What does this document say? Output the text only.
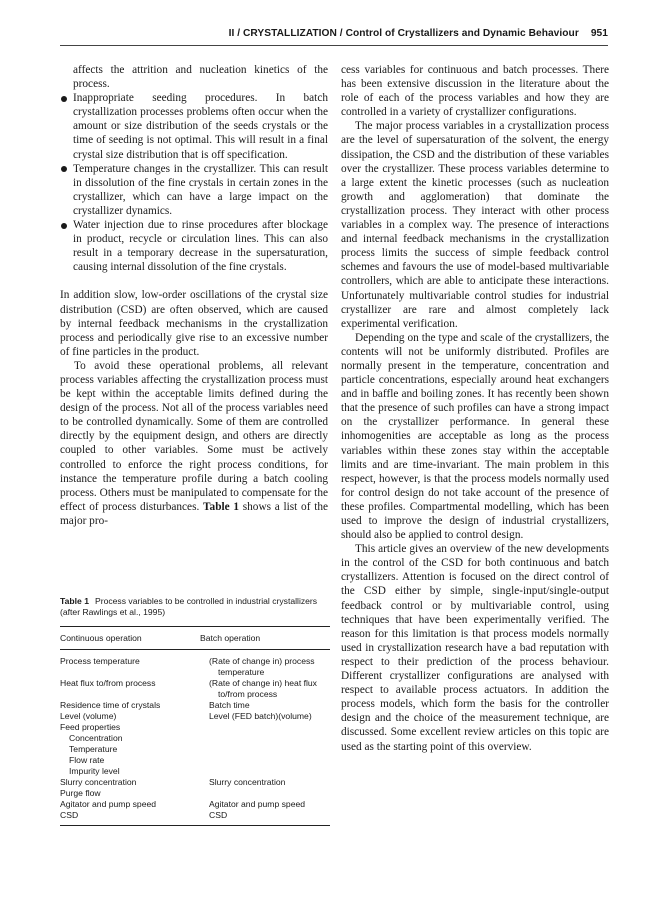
II / CRYSTALLIZATION / Control of Crystallizers and Dynamic Behaviour 951

affects the attrition and nucleation kinetics of the process.

Inappropriate seeding procedures. In batch crystallization processes problems often occur when the amount or size distribution of the seeds crystals or the time of seeding is not optimal. This will result in a final crystal size distribution that is off specification.
Temperature changes in the crystallizer. This can result in dissolution of the fine crystals in certain zones in the crystallizer, which can have a large impact on the crystallizer dynamics.
Water injection due to rinse procedures after blockage in product, recycle or circulation lines. This can also result in a temporary decrease in the supersaturation, causing internal dissolution of the fine crystals.

In addition slow, low-order oscillations of the crystal size distribution (CSD) are often observed, which are caused by internal feedback mechanisms in the crystallization process and periodically give rise to an excessive number of fine particles in the product.

To avoid these operational problems, all relevant process variables affecting the crystallization process must be kept within the acceptable limits defined during the design of the process. Not all of the process variables need to be controlled dynamically. Some of them are controlled directly by the equipment design, and others are directly coupled to other variables. Some must be actively controlled to enforce the right process conditions, for instance the temperature profile during a batch cooling process. Others must be manipulated to compensate for the effect of process disturbances. Table 1 shows a list of the major pro-

Table 1 Process variables to be controlled in industrial crystallizers (after Rawlings et al., 1995)
Continuous operation	Batch operation
Process temperature	(Rate of change in) process temperature

Heat flux to/from process	(Rate of change in) heat flux to/from process

Residence time of crystals	Batch time
Level (volume)	Level (FED batch)(volume)
Feed properties	
Concentration	
Temperature	
Flow rate	
Impurity level	
Slurry concentration	Slurry concentration
Purge flow	
Agitator and pump speed	Agitator and pump speed
CSD	CSD

cess variables for continuous and batch processes. There has been extensive discussion in the literature about the role of each of the process variables and how they are controlled in a variety of crystallizer configurations.

The major process variables in a crystallization process are the level of supersaturation of the solvent, the energy dissipation, the CSD and the distribution of these variables over the crystallizer. These process variables determine to a large extent the kinetic processes (such as nucleation growth and agglomeration) that dominate the crystallization process. They interact with other process variables in a complex way. The presence of interactions and internal feedback mechanisms in the crystallization process limits the success of simple feedback control schemes and favours the use of model-based multivariable controllers, which are able to anticipate these interactions. Unfortunately multivariable control studies for industrial crystallizer are rare and almost completely lack experimental verification.

Depending on the type and scale of the crystallizers, the contents will not be uniformly distributed. Profiles are normally present in the temperature, concentration and particle concentrations, especially around heat exchangers and in baffle and boiling zones. It has recently been shown that the presence of such profiles can have a strong impact on the crystallizer performance. In general these inhomogenities are acceptable as long as the process variables within these zones stay within the acceptable limits and are time-invariant. The main problem in this respect, however, is that the process models normally used for control design do not take account of the presence of these profiles. Compartmental modelling, which has been used to improve the design of industrial crystallizers, should also be applied to control design.

This article gives an overview of the new developments in the control of the CSD for both continuous and batch crystallizers. Attention is focused on the direct control of the CSD either by simple, single-input/single-output feedback control or by multivariable control, using techniques that have been experimentally verified. The reason for this limitation is that process models normally used in crystallization research have a bad reputation with respect to their prediction of the process behaviour. Different crystallizer configurations are analysed with respect to available process actuators. In addition the process models, which form the basis for the controller design and the choice of the measurement technique, are discussed. Some excellent review articles on this topic are used as the starting point of this overview.
